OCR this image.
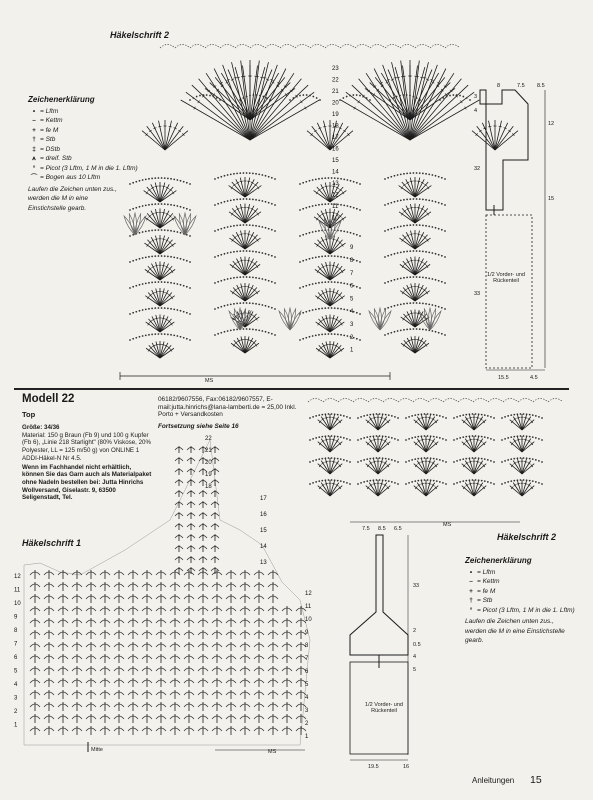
23
22
21
20
19
18
17
16
15
14
13
12
11
10
9
8
7
6
5
4
3
2
1
8	7.5 8.5
3
4
12
32
15
33
22
21
20
19
18
17
16
15
14
13
12
11
10
9
8
7
6
5
4
3
2
1
12
11
10
9
8
7
6
5
4
3
2
1
Häkelschrift 2
Zeichenerklärung
• = Lftm
– = Kettm
+ = fe M
† = Stb
‡ = DStb
⩚ = dreif. Stb
° = Picot (3 Lftm, 1 M in die 1. Lftm)
⌒ = Bogen aus 10 Lftm
Laufen die Zeichen unten zus., werden die M in eine Einstichstelle gearb.
MS
1/2 Vorder- und Rückenteil
15.5	4.5
Modell 22
Top
Größe: 34/36
Material: 150 g Braun (Fb 9) und 100 g Kupfer (Fb 6), „Linie 218 Starlight" (80% Viskose, 20% Polyester, LL = 125 m/50 g) von ONLINE 1 ADDI-Häkel-N Nr 4.5.
Wenn im Fachhandel nicht erhältlich, können Sie das Garn auch als Materialpaket ohne Nadeln bestellen bei: Jutta Hinrichs Wollversand, Giselastr. 9, 63500 Seligenstadt, Tel.
06182/9607556, Fax:06182/9607557, E-mail:jutta.hinrichs@lana-lamberti.de = 25,00 Inkl. Porto + Versandkosten
Fortsetzung siehe Seite 16
Häkelschrift 1
Mitte	MS
MS
Häkelschrift 2
Zeichenerklärung
• = Lftm
– = Kettm
+ = fe M
† = Stb
° = Picot (3 Lftm, 1 M in die 1. Lftm)
Laufen die Zeichen unten zus., werden die M in eine Einstichstelle gearb.
7.5 8.5 6.5
33
2
0.5
4
5
1/2 Vorder- und Rückenteil
19.5	16
Anleitungen 15
